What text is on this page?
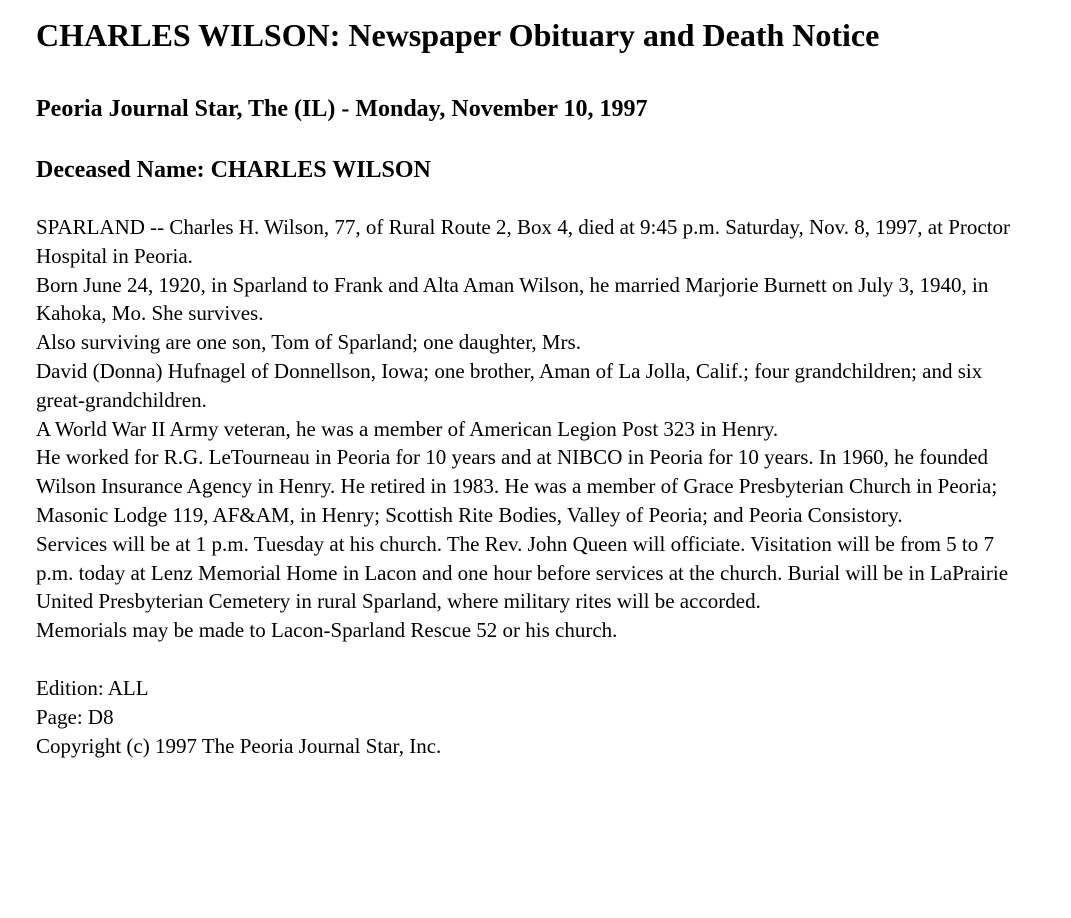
CHARLES WILSON: Newspaper Obituary and Death Notice
Peoria Journal Star, The (IL) - Monday, November 10, 1997
Deceased Name: CHARLES WILSON

SPARLAND -- Charles H. Wilson, 77, of Rural Route 2, Box 4, died at 9:45 p.m. Saturday, Nov. 8, 1997, at Proctor Hospital in Peoria.

Born June 24, 1920, in Sparland to Frank and Alta Aman Wilson, he married Marjorie Burnett on July 3, 1940, in Kahoka, Mo. She survives.

Also surviving are one son, Tom of Sparland; one daughter, Mrs.

David (Donna) Hufnagel of Donnellson, Iowa; one brother, Aman of La Jolla, Calif.; four grandchildren; and six great-grandchildren.

A World War II Army veteran, he was a member of American Legion Post 323 in Henry.

He worked for R.G. LeTourneau in Peoria for 10 years and at NIBCO in Peoria for 10 years. In 1960, he founded Wilson Insurance Agency in Henry. He retired in 1983. He was a member of Grace Presbyterian Church in Peoria; Masonic Lodge 119, AF&AM, in Henry; Scottish Rite Bodies, Valley of Peoria; and Peoria Consistory.

Services will be at 1 p.m. Tuesday at his church. The Rev. John Queen will officiate. Visitation will be from 5 to 7 p.m. today at Lenz Memorial Home in Lacon and one hour before services at the church. Burial will be in LaPrairie United Presbyterian Cemetery in rural Sparland, where military rites will be accorded.

Memorials may be made to Lacon-Sparland Rescue 52 or his church.

Edition: ALL
Page: D8
Copyright (c) 1997 The Peoria Journal Star, Inc.
